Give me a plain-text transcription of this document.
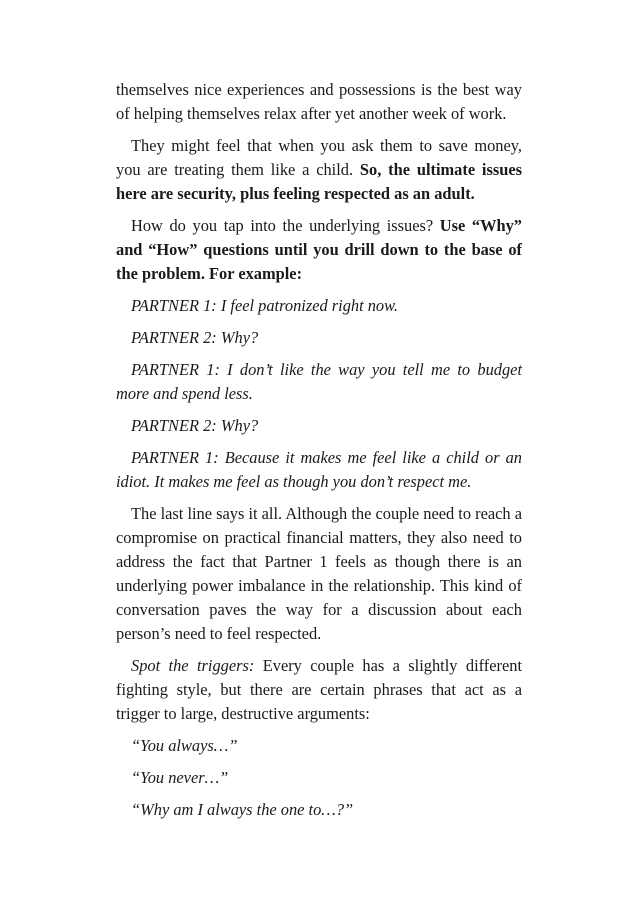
themselves nice experiences and possessions is the best way of helping themselves relax after yet another week of work.

They might feel that when you ask them to save money, you are treating them like a child. So, the ultimate issues here are security, plus feeling respected as an adult.

How do you tap into the underlying issues? Use “Why” and “How” questions until you drill down to the base of the problem. For example:

PARTNER 1: I feel patronized right now.

PARTNER 2: Why?

PARTNER 1: I don’t like the way you tell me to budget more and spend less.

PARTNER 2: Why?

PARTNER 1: Because it makes me feel like a child or an idiot. It makes me feel as though you don’t respect me.

The last line says it all. Although the couple need to reach a compromise on practical financial matters, they also need to address the fact that Partner 1 feels as though there is an underlying power imbalance in the relationship. This kind of conversation paves the way for a discussion about each person’s need to feel respected.

Spot the triggers: Every couple has a slightly different fighting style, but there are certain phrases that act as a trigger to large, destructive arguments:

“You always…”

“You never…”

“Why am I always the one to…?”
